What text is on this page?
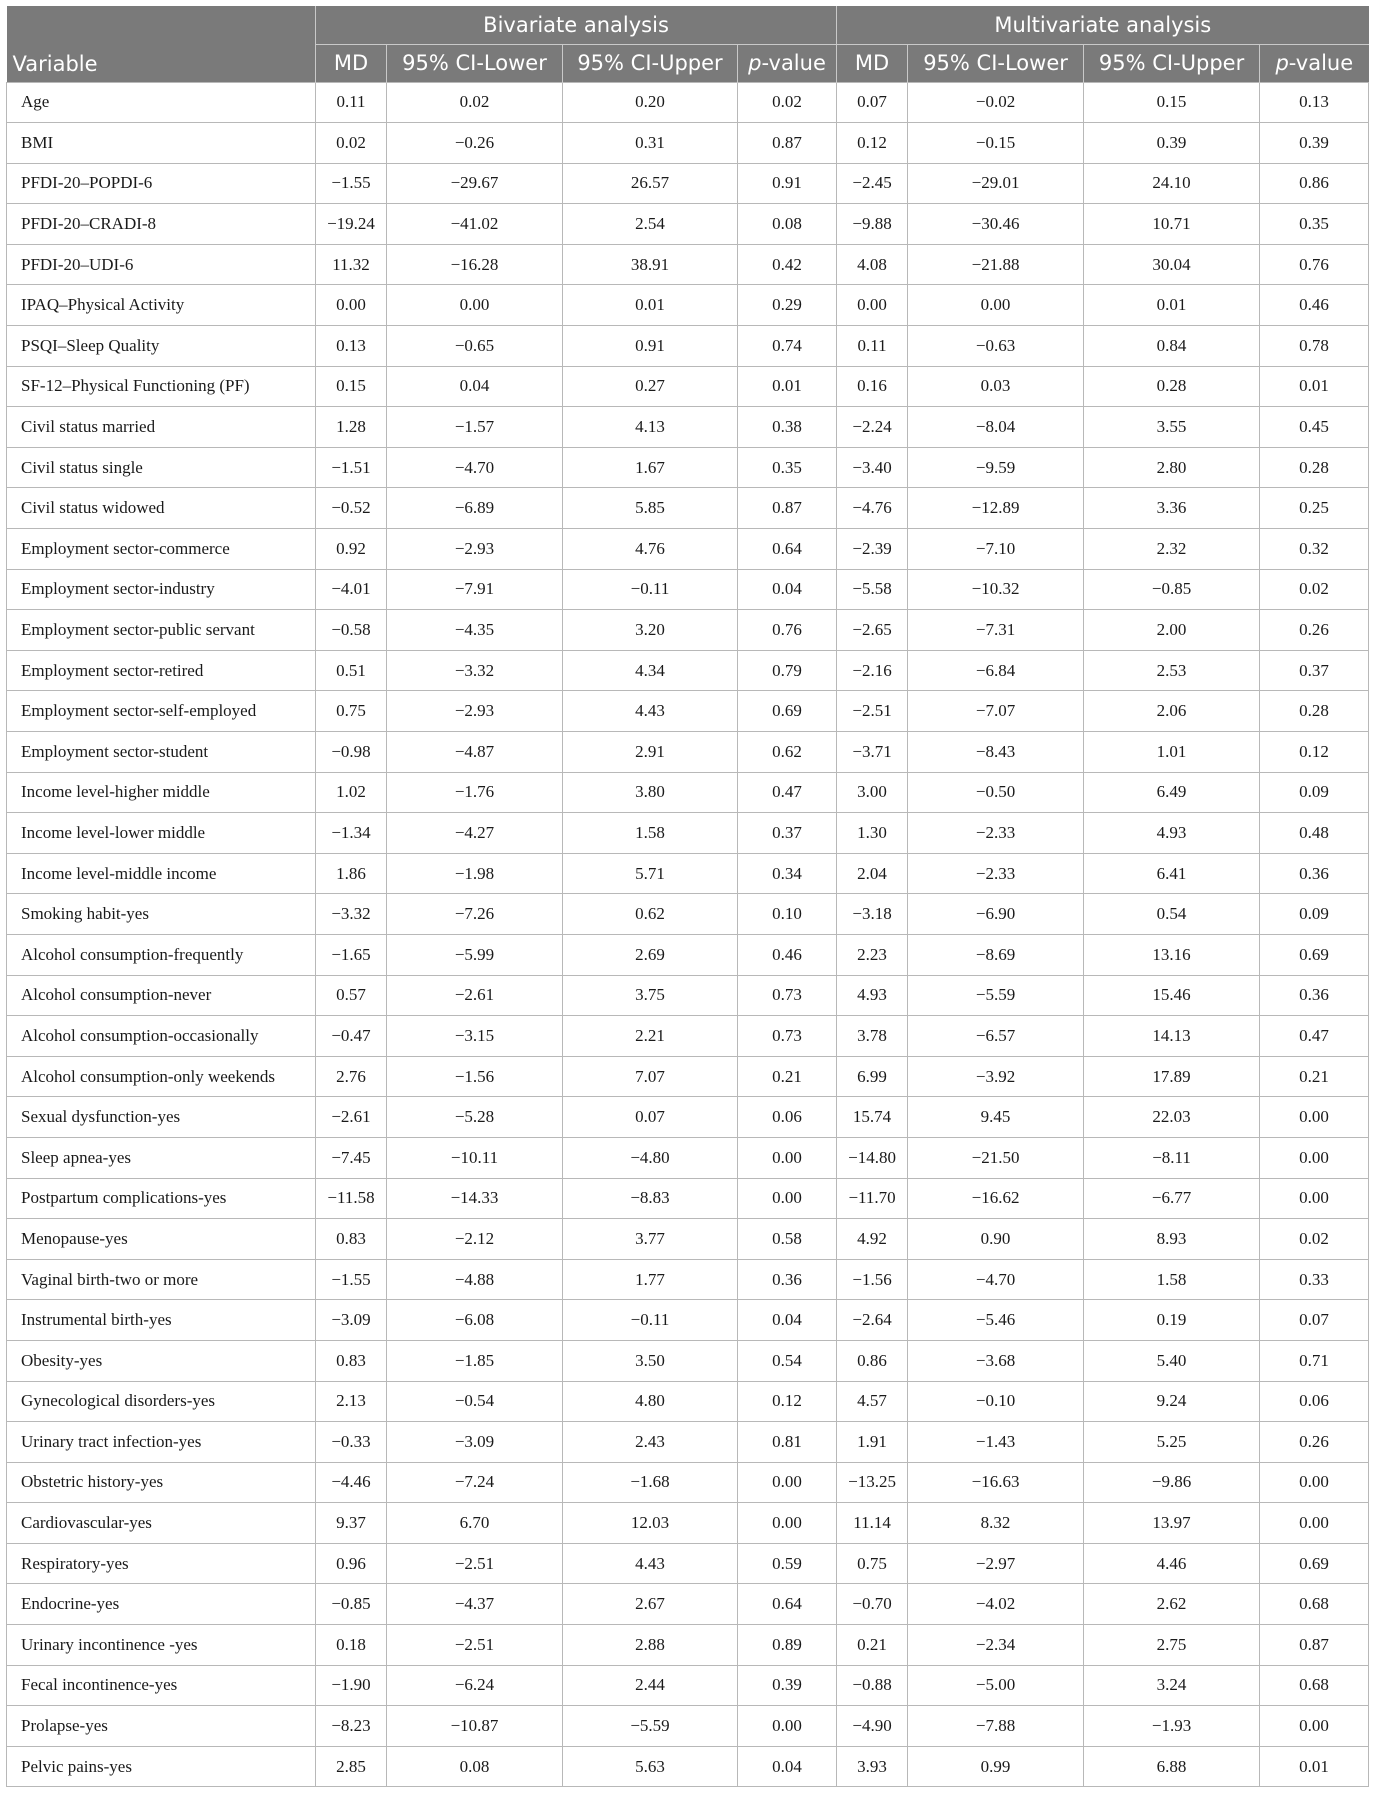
Variable	Bivariate analysis				Multivariate analysis			
	MD	95% CI-Lower	95% CI-Upper	p-value	MD	95% CI-Lower	95% CI-Upper	p-value
Age	0.11	0.02	0.20	0.02	0.07	−0.02	0.15	0.13
BMI	0.02	−0.26	0.31	0.87	0.12	−0.15	0.39	0.39
PFDI-20–POPDI-6	−1.55	−29.67	26.57	0.91	−2.45	−29.01	24.10	0.86
PFDI-20–CRADI-8	−19.24	−41.02	2.54	0.08	−9.88	−30.46	10.71	0.35
PFDI-20–UDI-6	11.32	−16.28	38.91	0.42	4.08	−21.88	30.04	0.76
IPAQ–Physical Activity	0.00	0.00	0.01	0.29	0.00	0.00	0.01	0.46
PSQI–Sleep Quality	0.13	−0.65	0.91	0.74	0.11	−0.63	0.84	0.78
SF-12–Physical Functioning (PF)	0.15	0.04	0.27	0.01	0.16	0.03	0.28	0.01
Civil status married	1.28	−1.57	4.13	0.38	−2.24	−8.04	3.55	0.45
Civil status single	−1.51	−4.70	1.67	0.35	−3.40	−9.59	2.80	0.28
Civil status widowed	−0.52	−6.89	5.85	0.87	−4.76	−12.89	3.36	0.25
Employment sector-commerce	0.92	−2.93	4.76	0.64	−2.39	−7.10	2.32	0.32
Employment sector-industry	−4.01	−7.91	−0.11	0.04	−5.58	−10.32	−0.85	0.02
Employment sector-public servant	−0.58	−4.35	3.20	0.76	−2.65	−7.31	2.00	0.26
Employment sector-retired	0.51	−3.32	4.34	0.79	−2.16	−6.84	2.53	0.37
Employment sector-self-employed	0.75	−2.93	4.43	0.69	−2.51	−7.07	2.06	0.28
Employment sector-student	−0.98	−4.87	2.91	0.62	−3.71	−8.43	1.01	0.12
Income level-higher middle	1.02	−1.76	3.80	0.47	3.00	−0.50	6.49	0.09
Income level-lower middle	−1.34	−4.27	1.58	0.37	1.30	−2.33	4.93	0.48
Income level-middle income	1.86	−1.98	5.71	0.34	2.04	−2.33	6.41	0.36
Smoking habit-yes	−3.32	−7.26	0.62	0.10	−3.18	−6.90	0.54	0.09
Alcohol consumption-frequently	−1.65	−5.99	2.69	0.46	2.23	−8.69	13.16	0.69
Alcohol consumption-never	0.57	−2.61	3.75	0.73	4.93	−5.59	15.46	0.36
Alcohol consumption-occasionally	−0.47	−3.15	2.21	0.73	3.78	−6.57	14.13	0.47
Alcohol consumption-only weekends	2.76	−1.56	7.07	0.21	6.99	−3.92	17.89	0.21
Sexual dysfunction-yes	−2.61	−5.28	0.07	0.06	15.74	9.45	22.03	0.00
Sleep apnea-yes	−7.45	−10.11	−4.80	0.00	−14.80	−21.50	−8.11	0.00
Postpartum complications-yes	−11.58	−14.33	−8.83	0.00	−11.70	−16.62	−6.77	0.00
Menopause-yes	0.83	−2.12	3.77	0.58	4.92	0.90	8.93	0.02
Vaginal birth-two or more	−1.55	−4.88	1.77	0.36	−1.56	−4.70	1.58	0.33
Instrumental birth-yes	−3.09	−6.08	−0.11	0.04	−2.64	−5.46	0.19	0.07
Obesity-yes	0.83	−1.85	3.50	0.54	0.86	−3.68	5.40	0.71
Gynecological disorders-yes	2.13	−0.54	4.80	0.12	4.57	−0.10	9.24	0.06
Urinary tract infection-yes	−0.33	−3.09	2.43	0.81	1.91	−1.43	5.25	0.26
Obstetric history-yes	−4.46	−7.24	−1.68	0.00	−13.25	−16.63	−9.86	0.00
Cardiovascular-yes	9.37	6.70	12.03	0.00	11.14	8.32	13.97	0.00
Respiratory-yes	0.96	−2.51	4.43	0.59	0.75	−2.97	4.46	0.69
Endocrine-yes	−0.85	−4.37	2.67	0.64	−0.70	−4.02	2.62	0.68
Urinary incontinence -yes	0.18	−2.51	2.88	0.89	0.21	−2.34	2.75	0.87
Fecal incontinence-yes	−1.90	−6.24	2.44	0.39	−0.88	−5.00	3.24	0.68
Prolapse-yes	−8.23	−10.87	−5.59	0.00	−4.90	−7.88	−1.93	0.00
Pelvic pains-yes	2.85	0.08	5.63	0.04	3.93	0.99	6.88	0.01
